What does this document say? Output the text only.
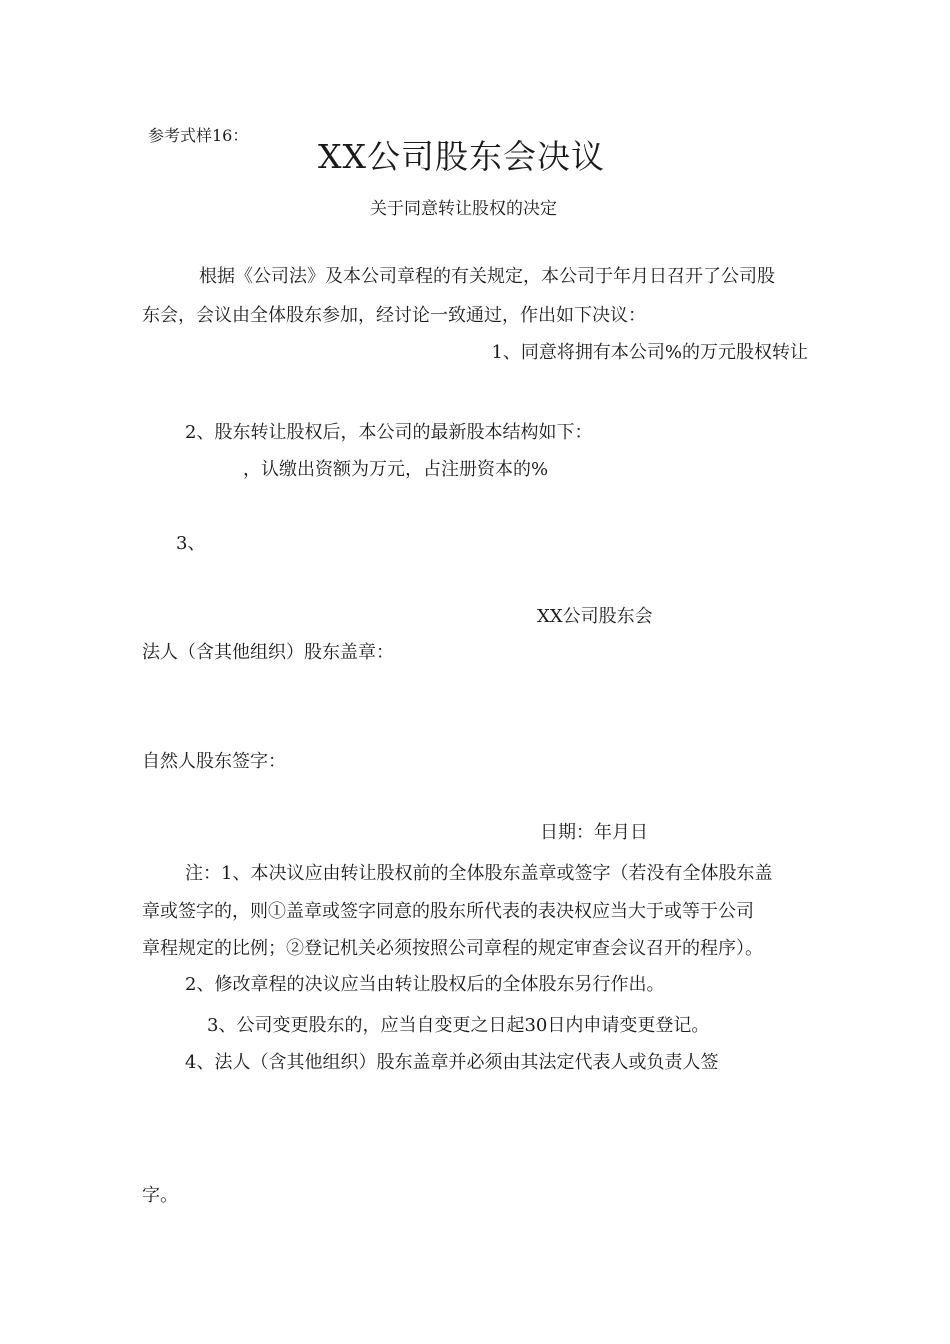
参考式样16：

XX公司股东会决议

关于同意转让股权的决定

根据《公司法》及本公司章程的有关规定，本公司于年月日召开了公司股

东会，会议由全体股东参加，经讨论一致通过，作出如下决议：

1、同意将拥有本公司%的万元股权转让

2、股东转让股权后，本公司的最新股本结构如下：

，认缴出资额为万元，占注册资本的%

3、

XX公司股东会

法人（含其他组织）股东盖章：

自然人股东签字：

日期：年月日

注：1、本决议应由转让股权前的全体股东盖章或签字（若没有全体股东盖

章或签字的，则①盖章或签字同意的股东所代表的表决权应当大于或等于公司

章程规定的比例；②登记机关必须按照公司章程的规定审查会议召开的程序）。

2、修改章程的决议应当由转让股权后的全体股东另行作出。

3、公司变更股东的，应当自变更之日起30日内申请变更登记。

4、法人（含其他组织）股东盖章并必须由其法定代表人或负责人签

字。
